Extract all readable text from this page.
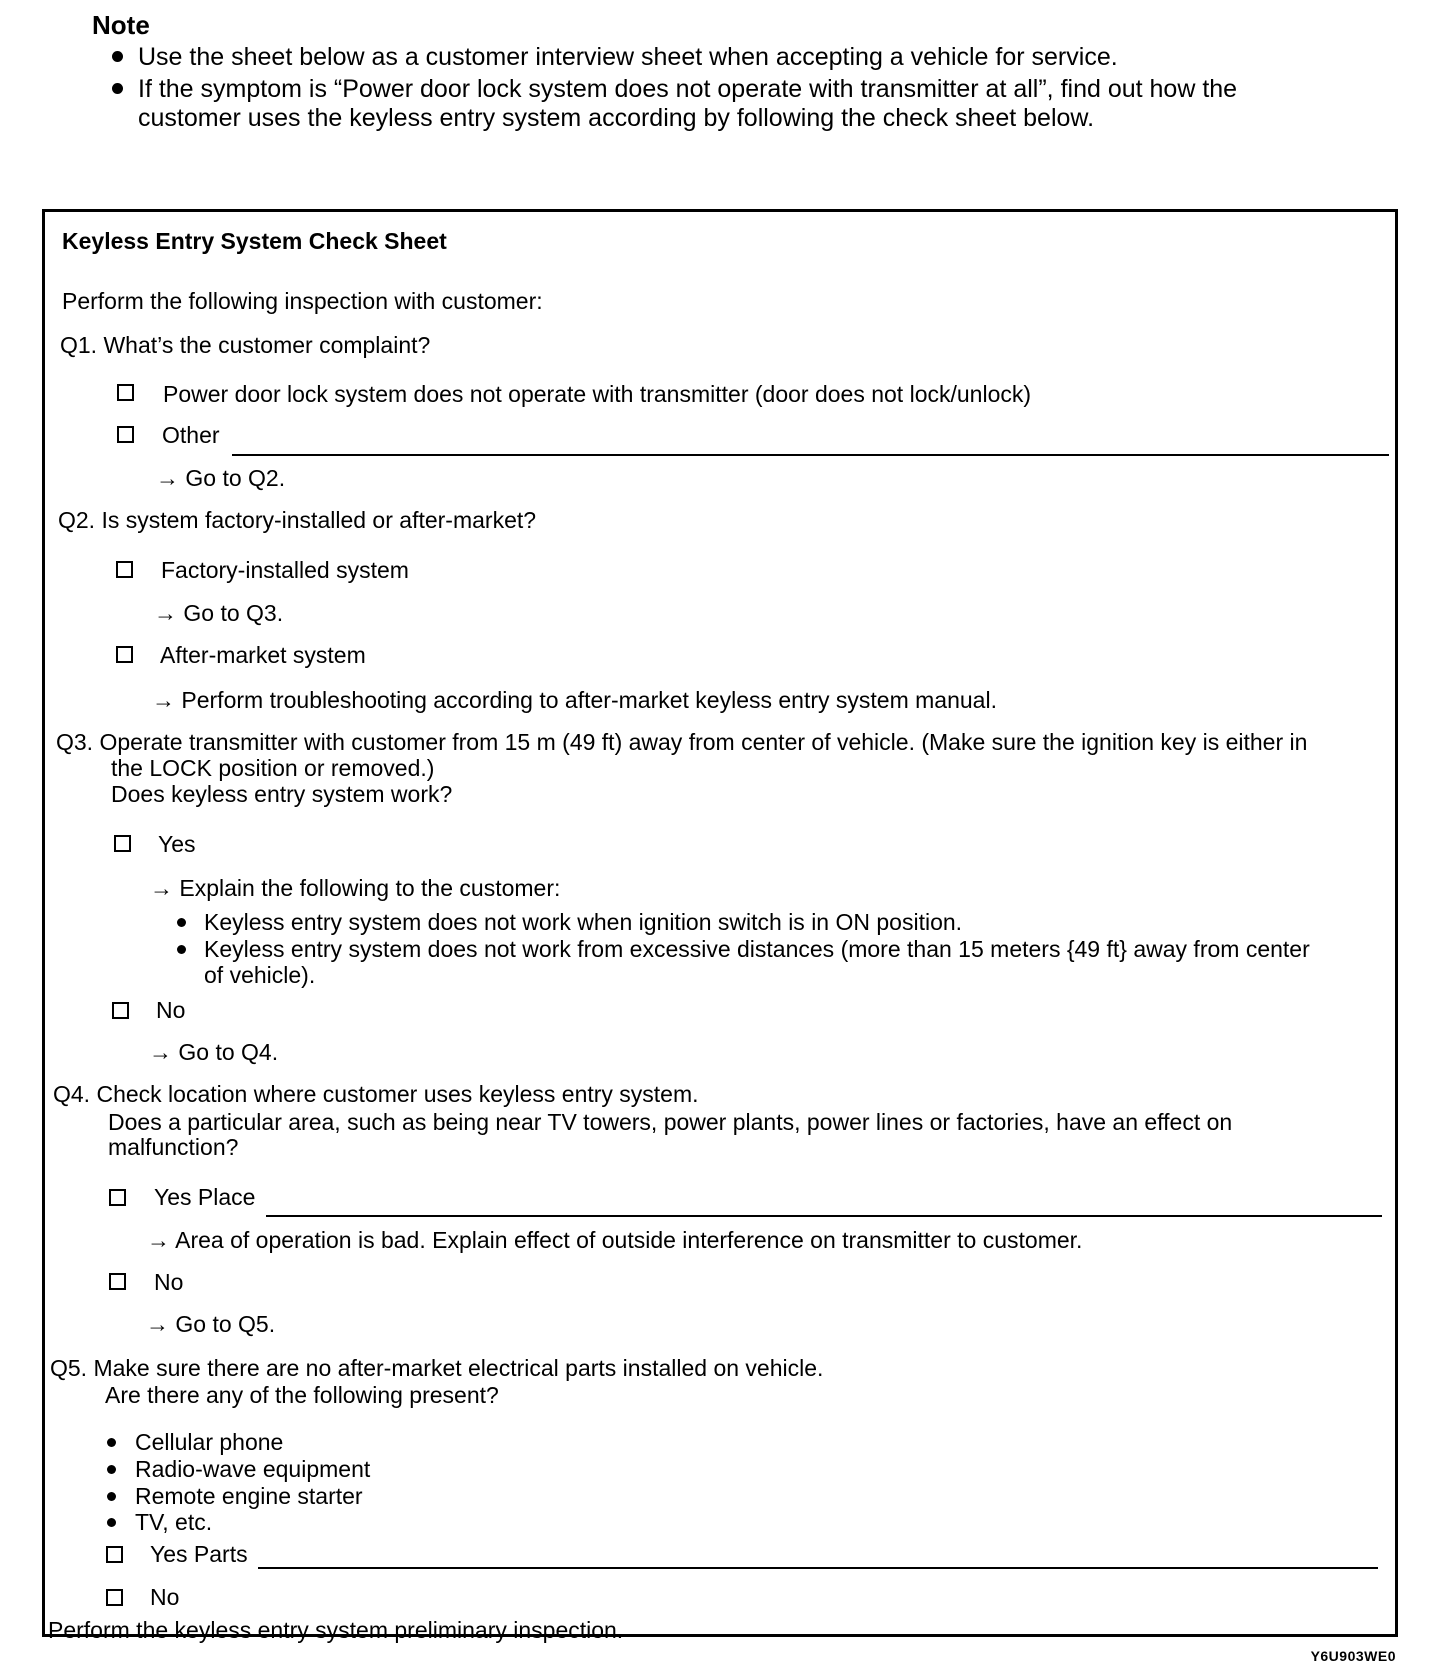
Note
Use the sheet below as a customer interview sheet when accepting a vehicle for service.
If the symptom is “Power door lock system does not operate with transmitter at all”, find out how the
customer uses the keyless entry system according by following the check sheet below.
Keyless Entry System Check Sheet
Perform the following inspection with customer:
Q1. What’s the customer complaint?
Power door lock system does not operate with transmitter (door does not lock/unlock)
Other
→ Go to Q2.
Q2. Is system factory-installed or after-market?
Factory-installed system
→ Go to Q3.
After-market system
→ Perform troubleshooting according to after-market keyless entry system manual.
Q3. Operate transmitter with customer from 15 m (49 ft) away from center of vehicle. (Make sure the ignition key is either in
the LOCK position or removed.)
Does keyless entry system work?
Yes
→ Explain the following to the customer:
Keyless entry system does not work when ignition switch is in ON position.
Keyless entry system does not work from excessive distances (more than 15 meters {49 ft} away from center
of vehicle).
No
→ Go to Q4.
Q4. Check location where customer uses keyless entry system.
Does a particular area, such as being near TV towers, power plants, power lines or factories, have an effect on
malfunction?
Yes Place
→ Area of operation is bad. Explain effect of outside interference on transmitter to customer.
No
→ Go to Q5.
Q5. Make sure there are no after-market electrical parts installed on vehicle.
Are there any of the following present?
Cellular phone
Radio-wave equipment
Remote engine starter
TV, etc.
Yes Parts
No
Perform the keyless entry system preliminary inspection.
Y6U903WE0
